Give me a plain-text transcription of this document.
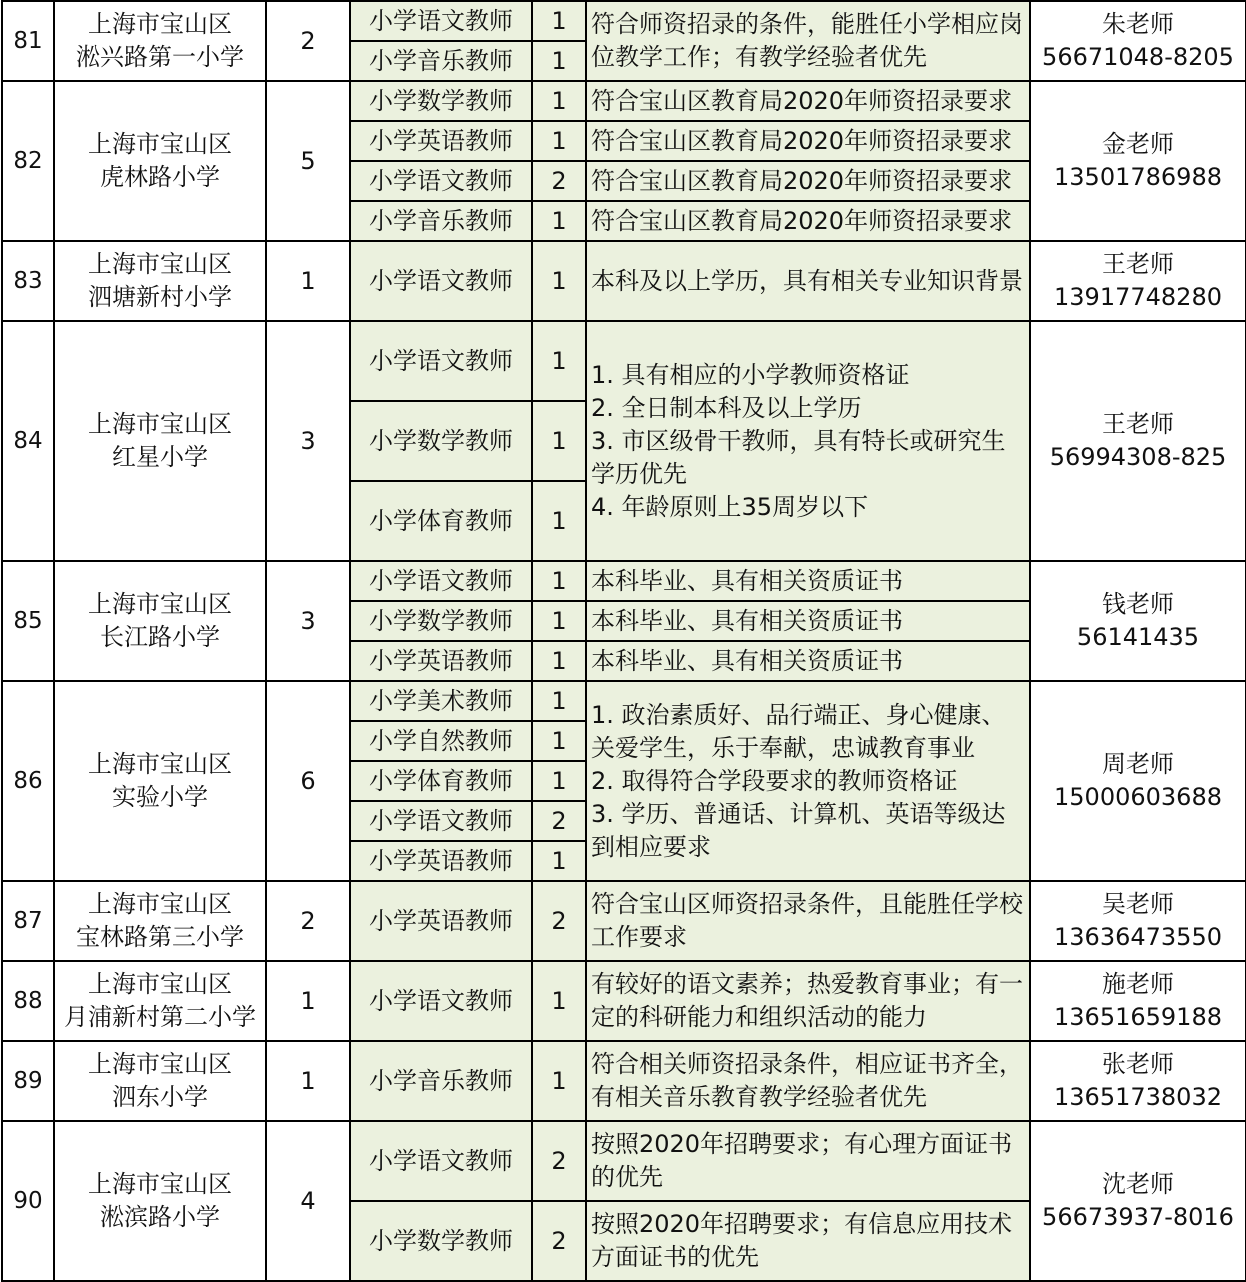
81	上海市宝山区
淞兴路第一小学	2	小学语文教师	1	符合师资招录的条件，能胜任小学相应岗位教学工作；有教学经验者优先	朱老师
56671048-8205
			小学音乐教师	1		
82	上海市宝山区
虎林路小学	5	小学数学教师	1	符合宝山区教育局2020年师资招录要求	金老师
13501786988
			小学英语教师	1	符合宝山区教育局2020年师资招录要求	
			小学语文教师	2	符合宝山区教育局2020年师资招录要求	
			小学音乐教师	1	符合宝山区教育局2020年师资招录要求	
83	上海市宝山区
泗塘新村小学	1	小学语文教师	1	本科及以上学历，具有相关专业知识背景	王老师
13917748280
84	上海市宝山区
红星小学	3	小学语文教师	1	1. 具有相应的小学教师资格证
2. 全日制本科及以上学历
3. 市区级骨干教师，具有特长或研究生学历优先
4. 年龄原则上35周岁以下	王老师
56994308-825
			小学数学教师	1		
			小学体育教师	1		
85	上海市宝山区
长江路小学	3	小学语文教师	1	本科毕业、具有相关资质证书	钱老师
56141435
			小学数学教师	1	本科毕业、具有相关资质证书	
			小学英语教师	1	本科毕业、具有相关资质证书	
86	上海市宝山区
实验小学	6	小学美术教师	1	1. 政治素质好、品行端正、身心健康、关爱学生，乐于奉献，忠诚教育事业
2. 取得符合学段要求的教师资格证
3. 学历、普通话、计算机、英语等级达到相应要求	周老师
15000603688
			小学自然教师	1		
			小学体育教师	1		
			小学语文教师	2		
			小学英语教师	1		
87	上海市宝山区
宝林路第三小学	2	小学英语教师	2	符合宝山区师资招录条件，且能胜任学校工作要求	吴老师
13636473550
88	上海市宝山区
月浦新村第二小学	1	小学语文教师	1	有较好的语文素养；热爱教育事业；有一定的科研能力和组织活动的能力	施老师
13651659188
89	上海市宝山区
泗东小学	1	小学音乐教师	1	符合相关师资招录条件，相应证书齐全，有相关音乐教育教学经验者优先	张老师
13651738032
90	上海市宝山区
淞滨路小学	4	小学语文教师	2	按照2020年招聘要求；有心理方面证书的优先	沈老师
56673937-8016
			小学数学教师	2	按照2020年招聘要求；有信息应用技术方面证书的优先	
